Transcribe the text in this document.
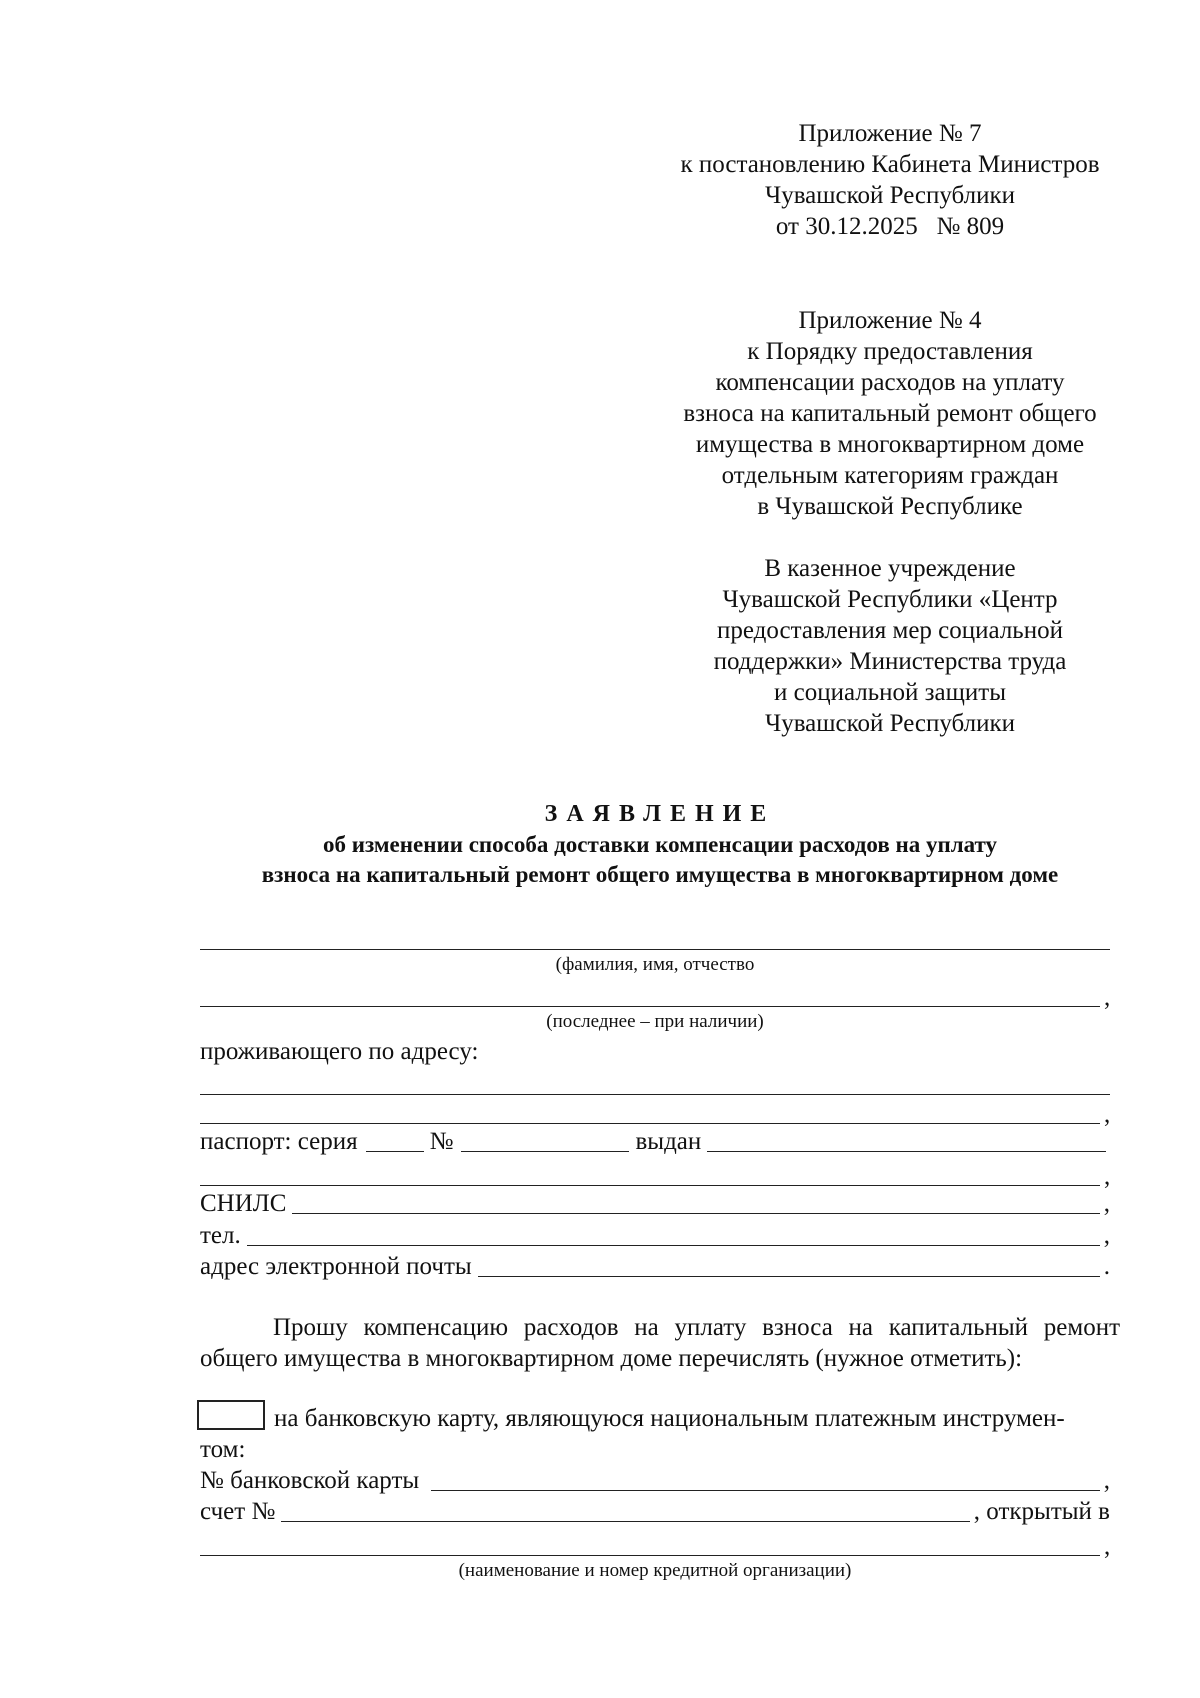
Приложение № 7
к постановлению Кабинета Министров
Чувашской Республики
от 30.12.2025   № 809
Приложение № 4
к Порядку предоставления
компенсации расходов на уплату
взноса на капитальный ремонт общего
имущества в многоквартирном доме
отдельным категориям граждан
в Чувашской Республике
В казенное учреждение
Чувашской Республики «Центр
предоставления мер социальной
поддержки» Министерства труда
и социальной защиты
Чувашской Республики
ЗАЯВЛЕНИЕ
об изменении способа доставки компенсации расходов на уплату
взноса на капитальный ремонт общего имущества в многоквартирном доме
(фамилия, имя, отчество
,
(последнее – при наличии)
проживающего по адресу:
,
паспорт: серия	№	выдан
,
СНИЛС	,
тел.	,
адрес электронной почты	.
Прошу компенсацию расходов на уплату взноса на капитальный ремонт общего имущества в многоквартирном доме перечислять (нужное отметить):
на банковскую карту, являющуюся национальным платежным инструмен-
том:
№ банковской карты	,
счет №	, открытый в
,
(наименование и номер кредитной организации)
